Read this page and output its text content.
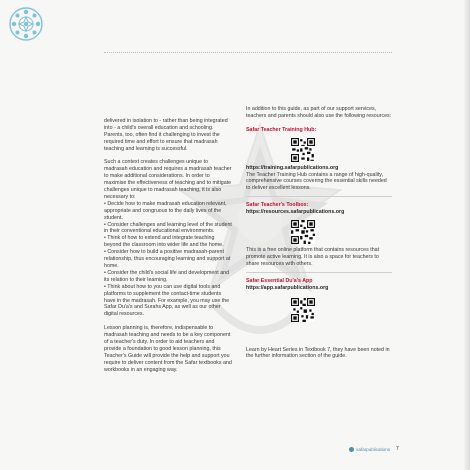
delivered in isolation to - rather than being integrated into - a child's overall education and schooling. Parents, too, often find it challenging to invest the required time and effort to ensure that madrasah teaching and learning is successful.

Such a context creates challenges unique to madrasah education and requires a madrasah teacher to make additional considerations. In order to maximise the effectiveness of teaching and to mitigate challenges unique to madrasah teaching, it is also necessary to:
• Decide how to make madrasah education relevant, appropriate and congruous to the daily lives of the student.
• Consider challenges and learning level of the student in their conventional educational environments.
• Think of how to extend and integrate teaching beyond the classroom into wider life and the home.
• Consider how to build a positive madrasah-parent relationship, thus encouraging learning and support at home.
• Consider the child's social life and development and its relation to their learning.
• Think about how to you can use digital tools and platforms to supplement the contact-time students have in the madrasah. For example, you may use the Safar Du'a's and Surahs App, as well as our other digital resources.

Lesson planning is, therefore, indispensable to madrasah teaching and needs to be a key component of a teacher's duty. In order to aid teachers and provide a foundation to good lesson planning, this Teacher's Guide will provide the help and support you require to deliver content from the Safar textbooks and workbooks in an engaging way.

In addition to this guide, as part of our support services, teachers and parents should also use the following resources:

Safar Teacher Training Hub:
https://training.safarpublications.org
The Teacher Training Hub contains a range of high-quality, comprehensive courses covering the essential skills needed to deliver excellent lessons.
Safar Teacher's Toolbox:
https://resources.safarpublications.org
This is a free online platform that contains resources that promote active learning. It is also a space for teachers to share resources with others.
Safar Essential Du'a's App
https://app.safarpublications.org
Learn by Heart Series in Textbook 7, they have been noted in the further information section of the guide.
safarpublications 7
